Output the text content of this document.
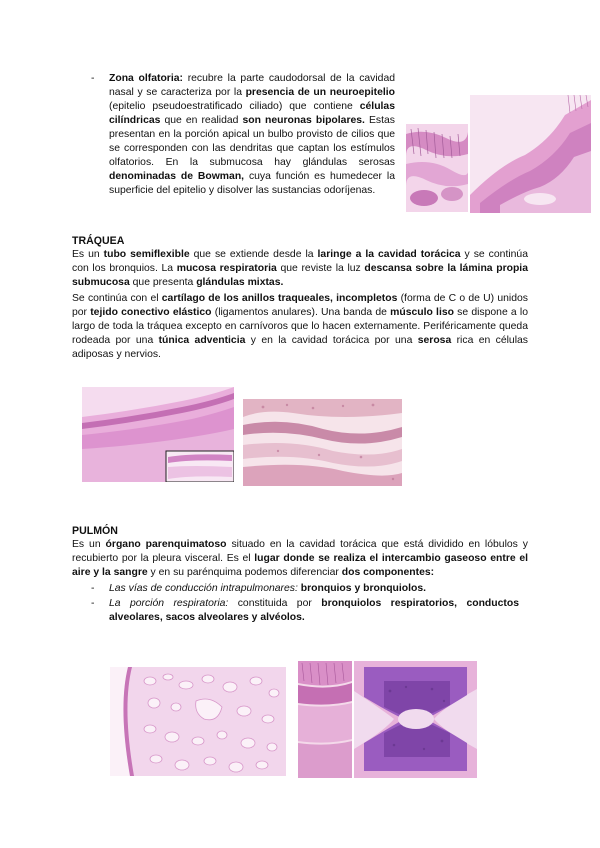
- Zona olfatoria: recubre la parte caudodorsal de la cavidad nasal y se caracteriza por la presencia de un neuroepitelio (epitelio pseudoestratificado ciliado) que contiene células cilíndricas que en realidad son neuronas bipolares. Estas presentan en la porción apical un bulbo provisto de cilios que se corresponden con las dendritas que captan los estímulos olfatorios. En la submucosa hay glándulas serosas denominadas de Bowman, cuya función es humedecer la superficie del epitelio y disolver las sustancias odoríjenas.
TRÁQUEA
Es un tubo semiflexible que se extiende desde la laringe a la cavidad torácica y se continúa con los bronquios. La mucosa respiratoria que reviste la luz descansa sobre la lámina propia submucosa que presenta glándulas mixtas.
Se continúa con el cartílago de los anillos traqueales, incompletos (forma de C o de U) unidos por tejido conectivo elástico (ligamentos anulares). Una banda de músculo liso se dispone a lo largo de toda la tráquea excepto en carnívoros que lo hacen externamente. Periféricamente queda rodeada por una túnica adventicia y en la cavidad torácica por una serosa rica en células adiposas y nervios.
PULMÓN
Es un órgano parenquimatoso situado en la cavidad torácica que está dividido en lóbulos y recubierto por la pleura visceral. Es el lugar donde se realiza el intercambio gaseoso entre el aire y la sangre y en su parénquima podemos diferenciar dos componentes:
- Las vías de conducción intrapulmonares: bronquios y bronquiolos.
- La porción respiratoria: constituida por bronquiolos respiratorios, conductos alveolares, sacos alveolares y alvéolos.
